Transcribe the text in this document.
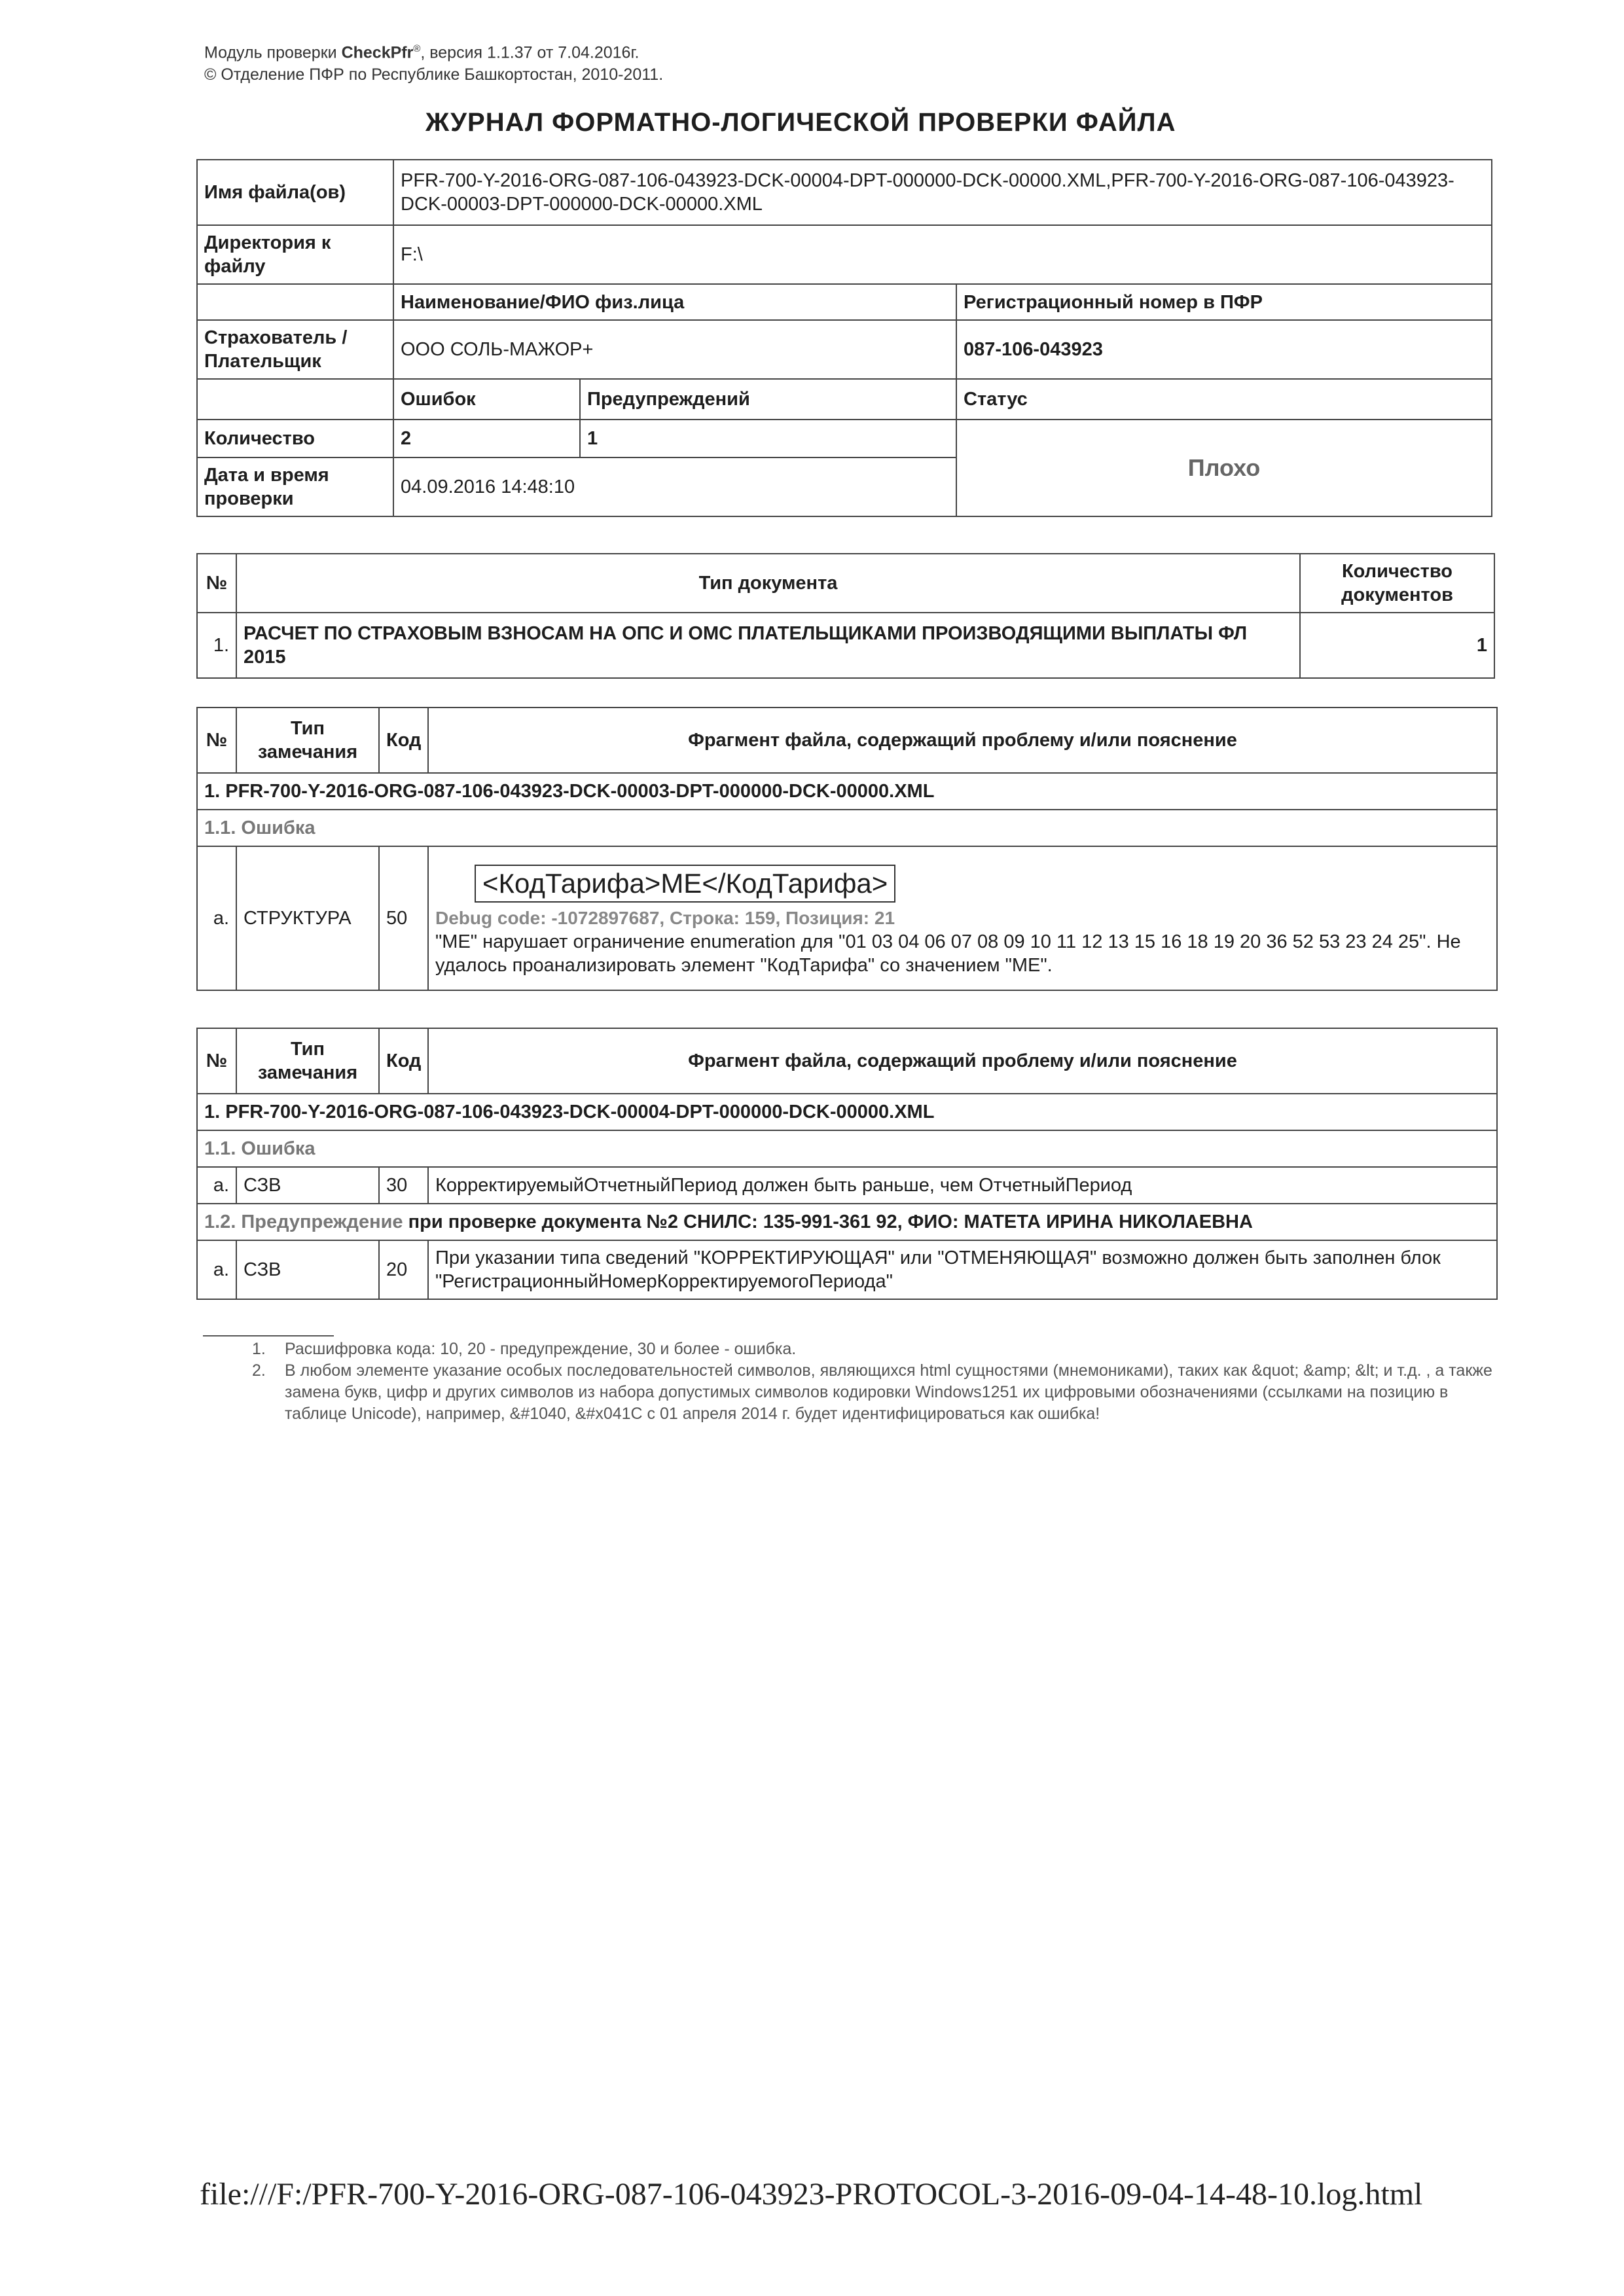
Модуль проверки CheckPfr®, версия 1.1.37 от 7.04.2016г.
© Отделение ПФР по Республике Башкортостан, 2010-2011.
ЖУРНАЛ ФОРМАТНО-ЛОГИЧЕСКОЙ ПРОВЕРКИ ФАЙЛА
Имя файла(ов)	PFR-700-Y-2016-ORG-087-106-043923-DCK-00004-DPT-000000-DCK-00000.XML,PFR-700-Y-2016-ORG-087-106-043923-DCK-00003-DPT-000000-DCK-00000.XML		
Директория к файлу	F:\		
	Наименование/ФИО физ.лица		Регистрационный номер в ПФР
Страхователь / Плательщик	ООО СОЛЬ-МАЖОР+		087-106-043923
	Ошибок	Предупреждений	Статус
Количество	2	1	Плохо
Дата и время проверки	04.09.2016 14:48:10		
№	Тип документа	Количество документов
1.	РАСЧЕТ ПО СТРАХОВЫМ ВЗНОСАМ НА ОПС И ОМС ПЛАТЕЛЬЩИКАМИ ПРОИЗВОДЯЩИМИ ВЫПЛАТЫ ФЛ 2015	1
№	Тип замечания	Код	Фрагмент файла, содержащий проблему и/или пояснение
1. PFR-700-Y-2016-ORG-087-106-043923-DCK-00003-DPT-000000-DCK-00000.XML			
1.1. Ошибка			
a.	СТРУКТУРА	50	<КодТарифа>МЕ</КодТарифа>
Debug code: -1072897687, Строка: 159, Позиция: 21
"МЕ" нарушает ограничение enumeration для "01 03 04 06 07 08 09 10 11 12 13 15 16 18 19 20 36 52 53 23 24 25". Не удалось проанализировать элемент "КодТарифа" со значением "МЕ".
№	Тип замечания	Код	Фрагмент файла, содержащий проблему и/или пояснение
1. PFR-700-Y-2016-ORG-087-106-043923-DCK-00004-DPT-000000-DCK-00000.XML			
1.1. Ошибка			
a.	СЗВ	30	КорректируемыйОтчетныйПериод должен быть раньше, чем ОтчетныйПериод
1.2. Предупреждение при проверке документа №2 СНИЛС: 135-991-361 92, ФИО: МАТЕТА ИРИНА НИКОЛАЕВНА			
a.	СЗВ	20	При указании типа сведений "КОРРЕКТИРУЮЩАЯ" или "ОТМЕНЯЮЩАЯ" возможно должен быть заполнен блок "РегистрационныйНомерКорректируемогоПериода"
1.	Расшифровка кода: 10, 20 - предупреждение, 30 и более - ошибка.
2.	В любом элементе указание особых последовательностей символов, являющихся html сущностями (мнемониками), таких как &quot; &amp; &lt; и т.д. , а также замена букв, цифр и других символов из набора допустимых символов кодировки Windows1251 их цифровыми обозначениями (ссылками на позицию в таблице Unicode), например, &#1040, &#x041C с 01 апреля 2014 г. будет идентифицироваться как ошибка!
file:///F:/PFR-700-Y-2016-ORG-087-106-043923-PROTOCOL-3-2016-09-04-14-48-10.log.html
